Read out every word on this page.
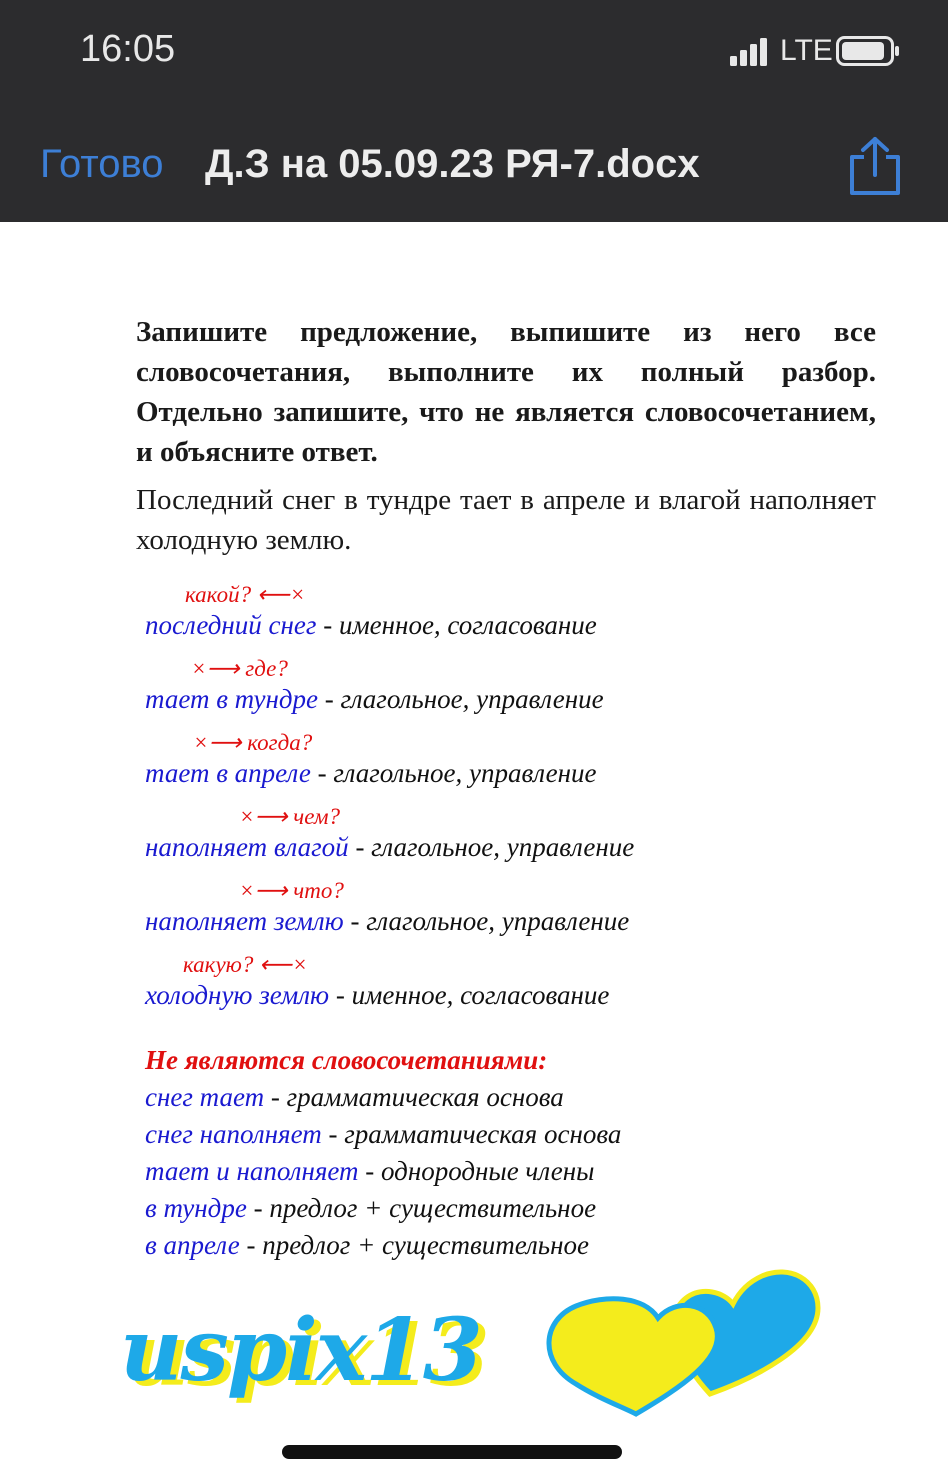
16:05	LTE
Готово Д.З на 05.09.23 РЯ-7.docx
Запишите предложение, выпишите из него все словосочетания, выполните их полный разбор. Отдельно запишите, что не является словосочетанием, и объясните ответ.
Последний снег в тундре тает в апреле и влагой наполняет холодную землю.
какой? ⟵×
последний снег - именное, согласование
×⟶ где?
тает в тундре - глагольное, управление
×⟶ когда?
тает в апреле - глагольное, управление
×⟶ чем?
наполняет влагой - глагольное, управление
×⟶ что?
наполняет землю - глагольное, управление
какую? ⟵×
холодную землю - именное, согласование
Не являются словосочетаниями:
снег тает - грамматическая основа
снег наполняет - грамматическая основа
тает и наполняет - однородные члены
в тундре - предлог + существительное
в апреле - предлог + существительное
uspix13
